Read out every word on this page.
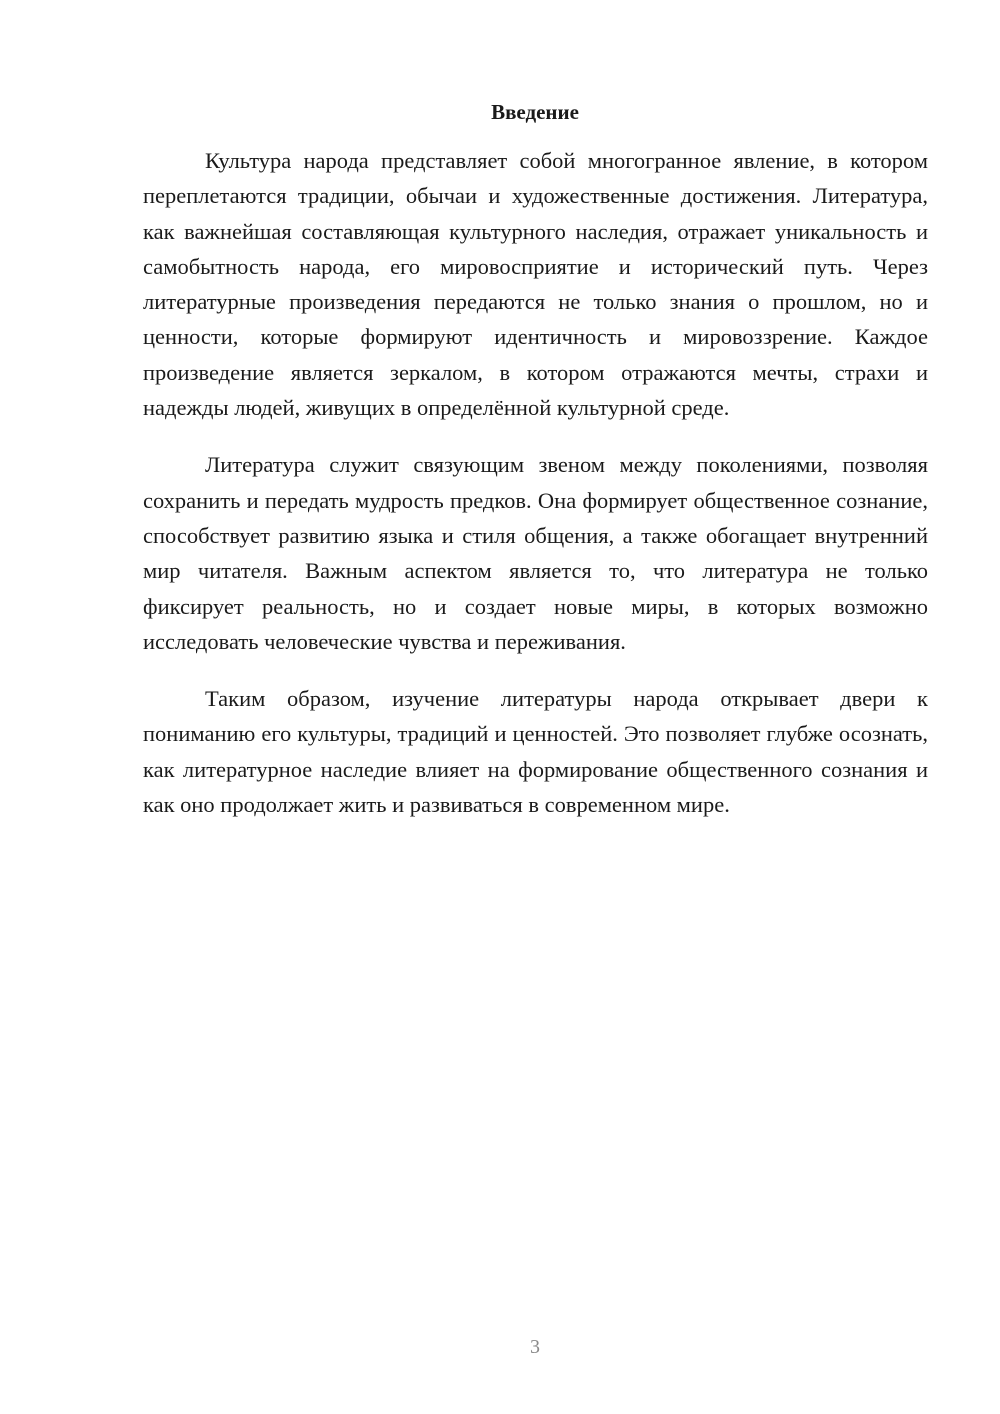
Введение

Культура народа представляет собой многогранное явление, в котором переплетаются традиции, обычаи и художественные достижения. Литература, как важнейшая составляющая культурного наследия, отражает уникальность и самобытность народа, его мировосприятие и исторический путь. Через литературные произведения передаются не только знания о прошлом, но и ценности, которые формируют идентичность и мировоззрение. Каждое произведение является зеркалом, в котором отражаются мечты, страхи и надежды людей, живущих в определённой культурной среде.

Литература служит связующим звеном между поколениями, позволяя сохранить и передать мудрость предков. Она формирует общественное сознание, способствует развитию языка и стиля общения, а также обогащает внутренний мир читателя. Важным аспектом является то, что литература не только фиксирует реальность, но и создает новые миры, в которых возможно исследовать человеческие чувства и переживания.

Таким образом, изучение литературы народа открывает двери к пониманию его культуры, традиций и ценностей. Это позволяет глубже осознать, как литературное наследие влияет на формирование общественного сознания и как оно продолжает жить и развиваться в современном мире.

3
